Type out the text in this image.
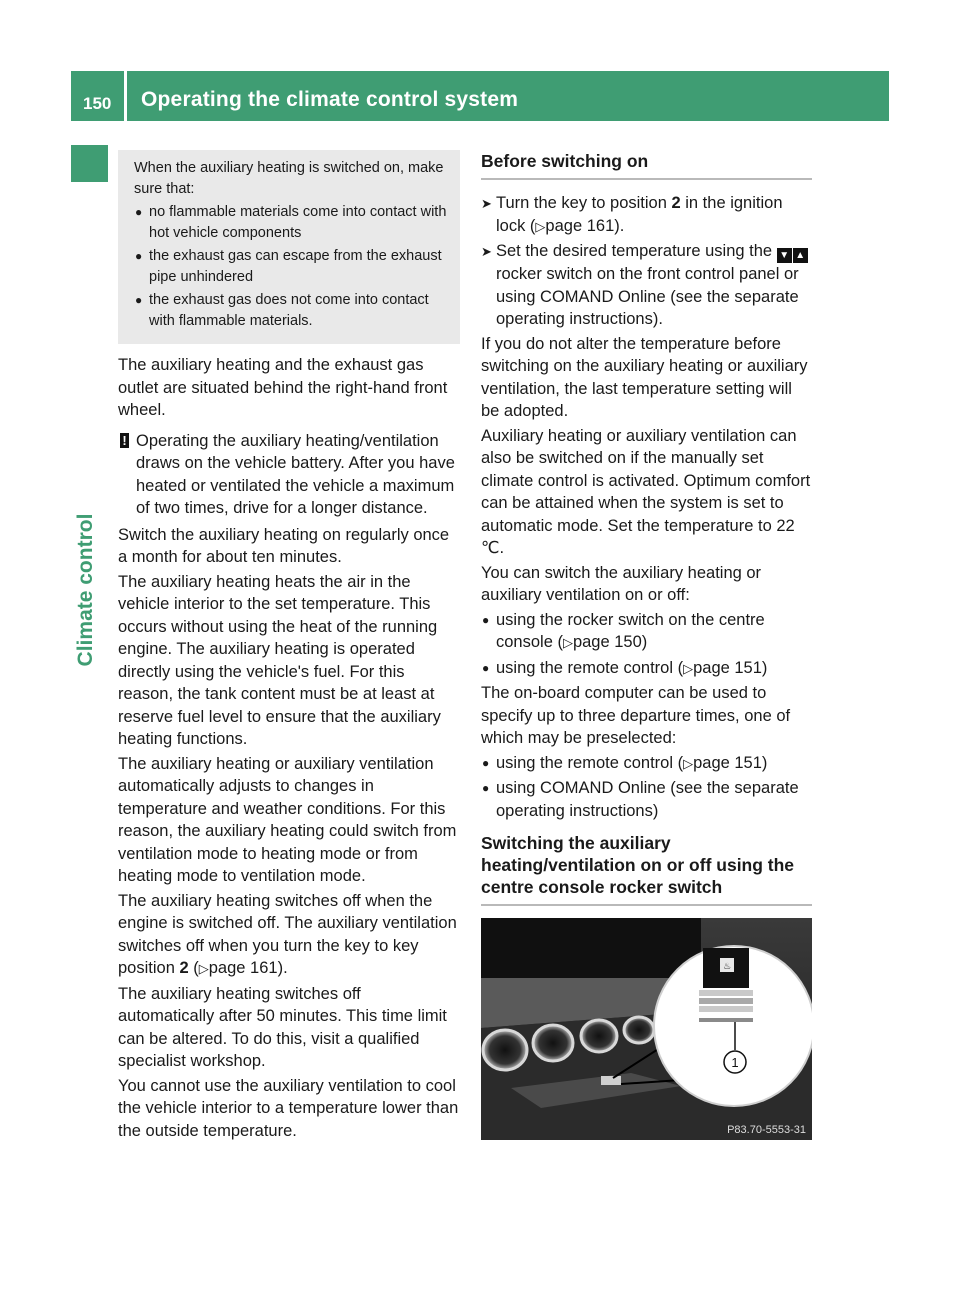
150 Operating the climate control system
Climate control

When the auxiliary heating is switched on, make sure that:

● no flammable materials come into contact with hot vehicle components
● the exhaust gas can escape from the exhaust pipe unhindered
● the exhaust gas does not come into contact with flammable materials.

The auxiliary heating and the exhaust gas outlet are situated behind the right-hand front wheel.

! Operating the auxiliary heating/ventilation draws on the vehicle battery. After you have heated or ventilated the vehicle a maximum of two times, drive for a longer distance.

Switch the auxiliary heating on regularly once a month for about ten minutes.

The auxiliary heating heats the air in the vehicle interior to the set temperature. This occurs without using the heat of the running engine. The auxiliary heating is operated directly using the vehicle's fuel. For this reason, the tank content must be at least at reserve fuel level to ensure that the auxiliary heating functions.

The auxiliary heating or auxiliary ventilation automatically adjusts to changes in temperature and weather conditions. For this reason, the auxiliary heating could switch from ventilation mode to heating mode or from heating mode to ventilation mode.

The auxiliary heating switches off when the engine is switched off. The auxiliary ventilation switches off when you turn the key to key position 2 (▷page 161).

The auxiliary heating switches off automatically after 50 minutes. This time limit can be altered. To do this, visit a qualified specialist workshop.

You cannot use the auxiliary ventilation to cool the vehicle interior to a temperature lower than the outside temperature.

Before switching on
➤ Turn the key to position 2 in the ignition lock (▷page 161).
➤ Set the desired temperature using the ▼ ▲ rocker switch on the front control panel or using COMAND Online (see the separate operating instructions).

If you do not alter the temperature before switching on the auxiliary heating or auxiliary ventilation, the last temperature setting will be adopted.

Auxiliary heating or auxiliary ventilation can also be switched on if the manually set climate control is activated. Optimum comfort can be attained when the system is set to automatic mode. Set the temperature to 22 ℃.

You can switch the auxiliary heating or auxiliary ventilation on or off:

● using the rocker switch on the centre console (▷page 150)
● using the remote control (▷page 151)

The on-board computer can be used to specify up to three departure times, one of which may be preselected:

● using the remote control (▷page 151)
● using COMAND Online (see the separate operating instructions)
Switching the auxiliary heating/ventilation on or off using the centre console rocker switch
♨
1
P83.70-5553-31
